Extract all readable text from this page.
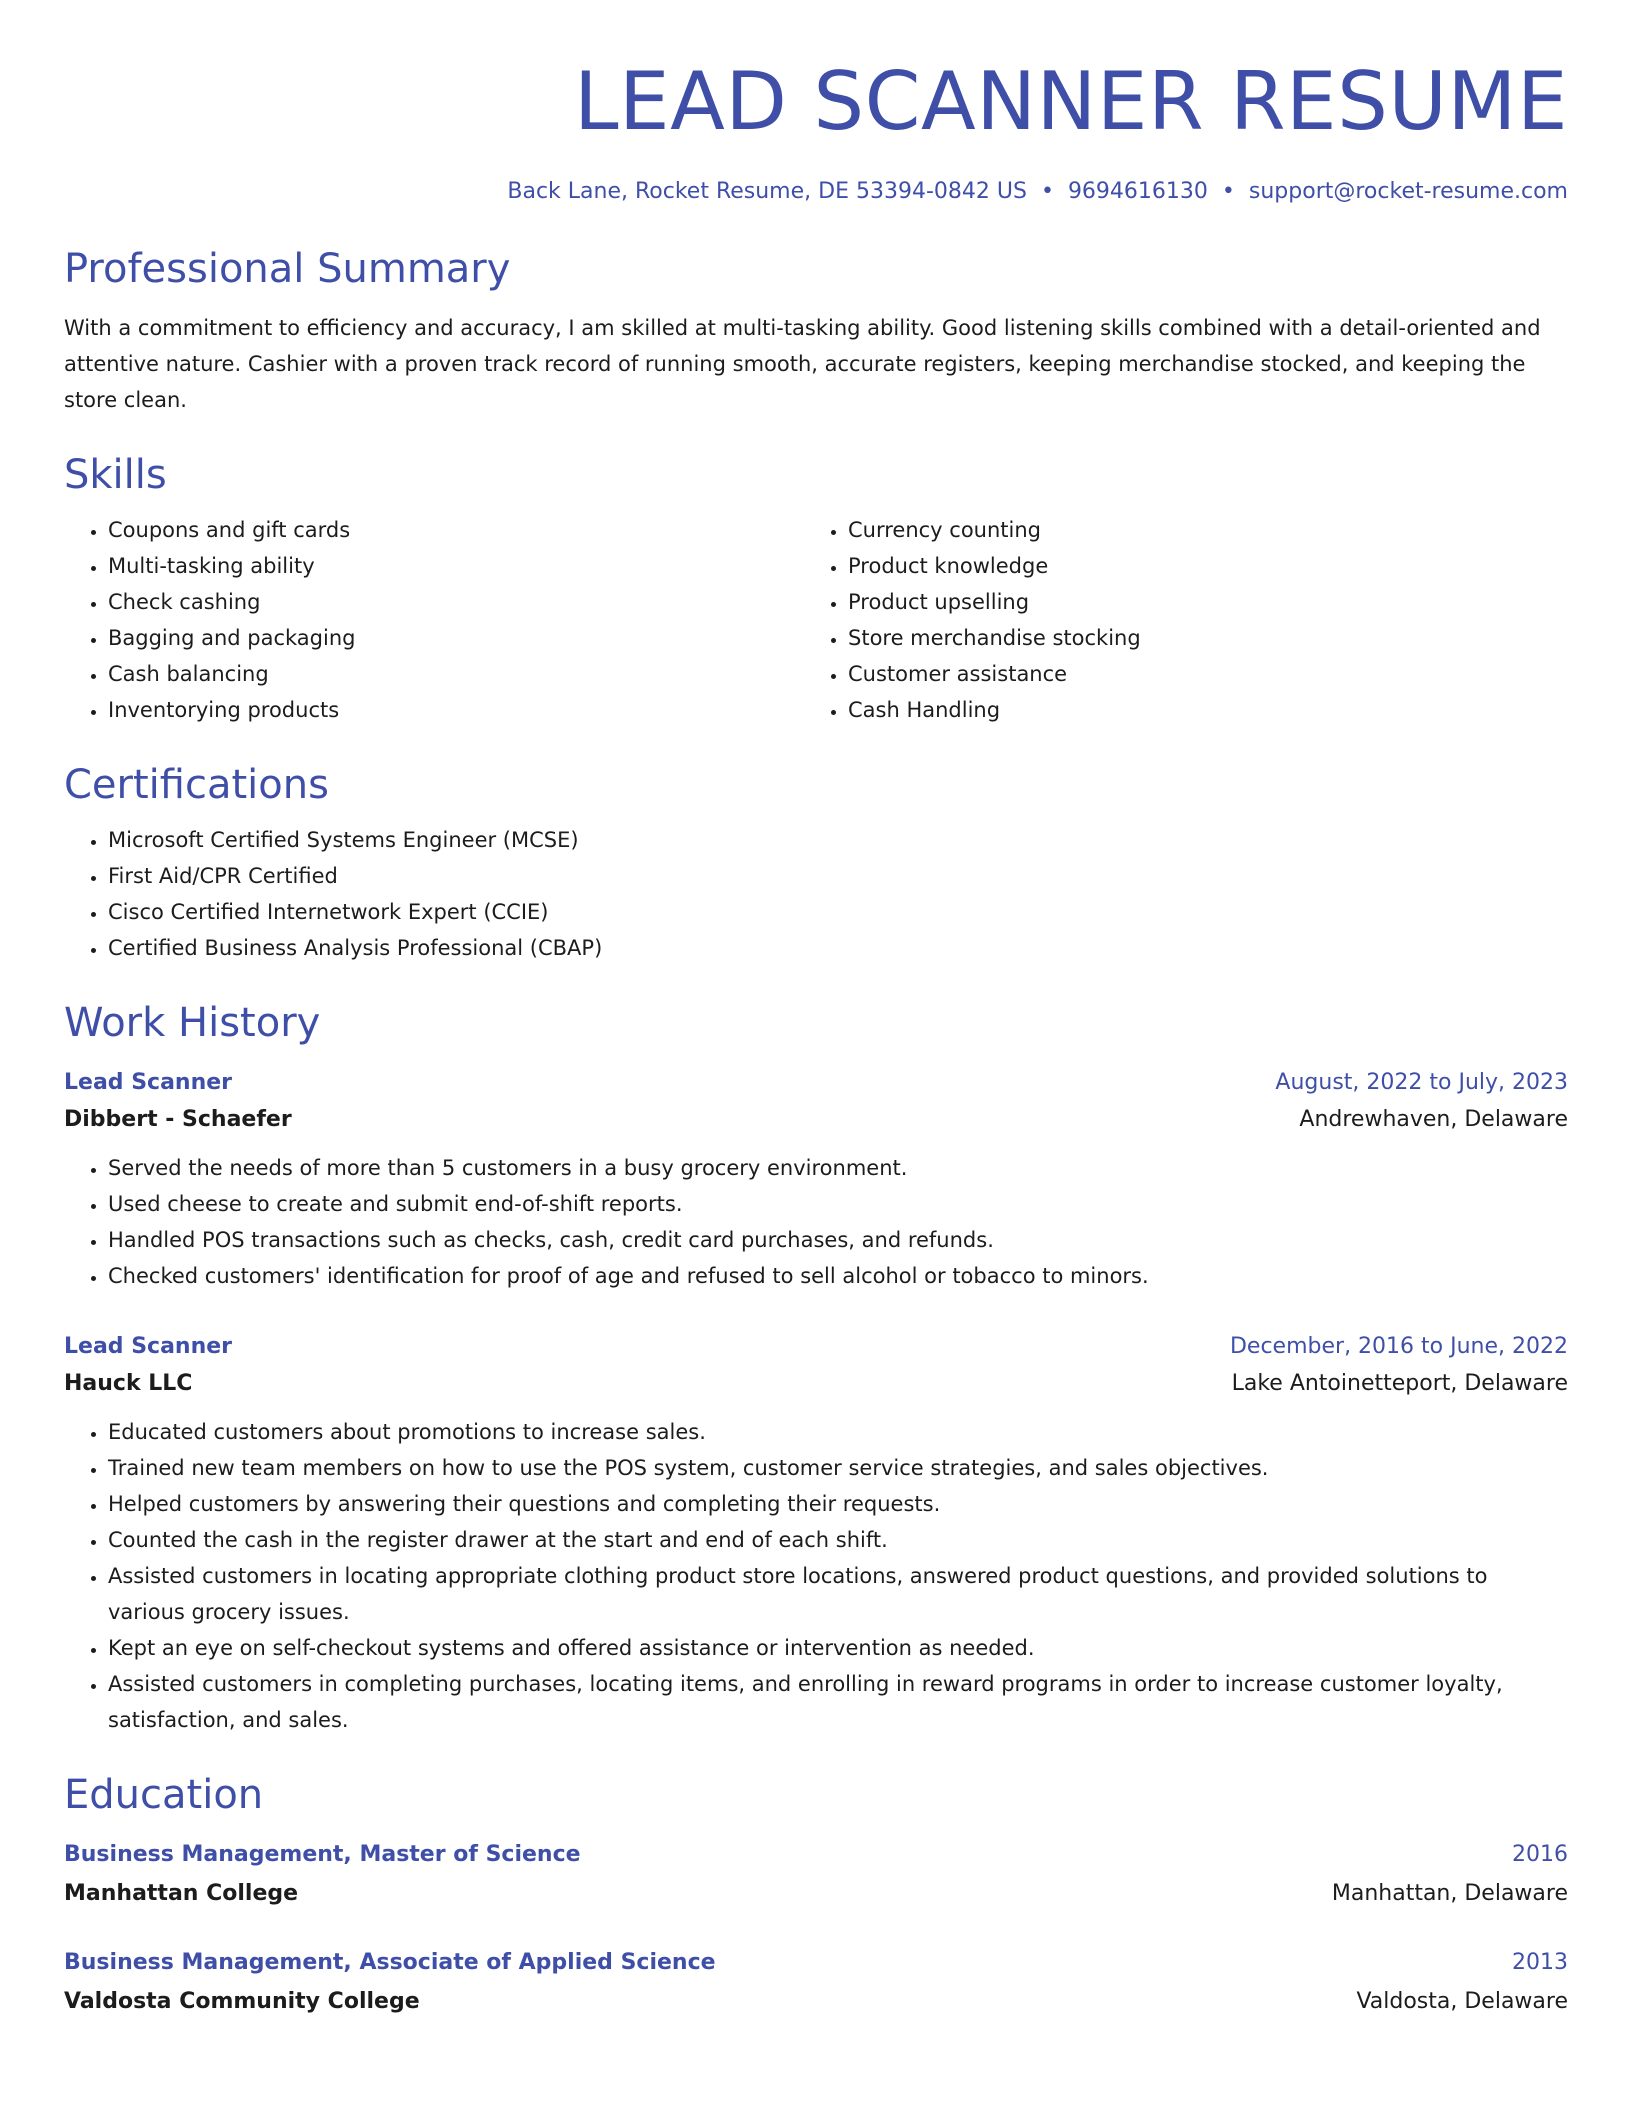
LEAD SCANNER RESUME
Back Lane, Rocket Resume, DE 53394-0842 US • 9694616130 • support@rocket-resume.com
Professional Summary

With a commitment to efficiency and accuracy, I am skilled at multi-tasking ability. Good listening skills combined with a detail-oriented and attentive nature. Cashier with a proven track record of running smooth, accurate registers, keeping merchandise stocked, and keeping the store clean.

Skills
• Coupons and gift cards
• Multi-tasking ability
• Check cashing
• Bagging and packaging
• Cash balancing
• Inventorying products
• Currency counting
• Product knowledge
• Product upselling
• Store merchandise stocking
• Customer assistance
• Cash Handling
Certifications
• Microsoft Certified Systems Engineer (MCSE)
• First Aid/CPR Certified
• Cisco Certified Internetwork Expert (CCIE)
• Certified Business Analysis Professional (CBAP)
Work History
Lead Scanner	August, 2022 to July, 2023
Dibbert - Schaefer	Andrewhaven, Delaware
• Served the needs of more than 5 customers in a busy grocery environment.
• Used cheese to create and submit end-of-shift reports.
• Handled POS transactions such as checks, cash, credit card purchases, and refunds.
• Checked customers' identification for proof of age and refused to sell alcohol or tobacco to minors.
Lead Scanner	December, 2016 to June, 2022
Hauck LLC	Lake Antoinetteport, Delaware
• Educated customers about promotions to increase sales.
• Trained new team members on how to use the POS system, customer service strategies, and sales objectives.
• Helped customers by answering their questions and completing their requests.
• Counted the cash in the register drawer at the start and end of each shift.
• Assisted customers in locating appropriate clothing product store locations, answered product questions, and provided solutions to various grocery issues.
• Kept an eye on self-checkout systems and offered assistance or intervention as needed.
• Assisted customers in completing purchases, locating items, and enrolling in reward programs in order to increase customer loyalty, satisfaction, and sales.
Education
Business Management, Master of Science	2016
Manhattan College	Manhattan, Delaware
Business Management, Associate of Applied Science	2013
Valdosta Community College	Valdosta, Delaware
